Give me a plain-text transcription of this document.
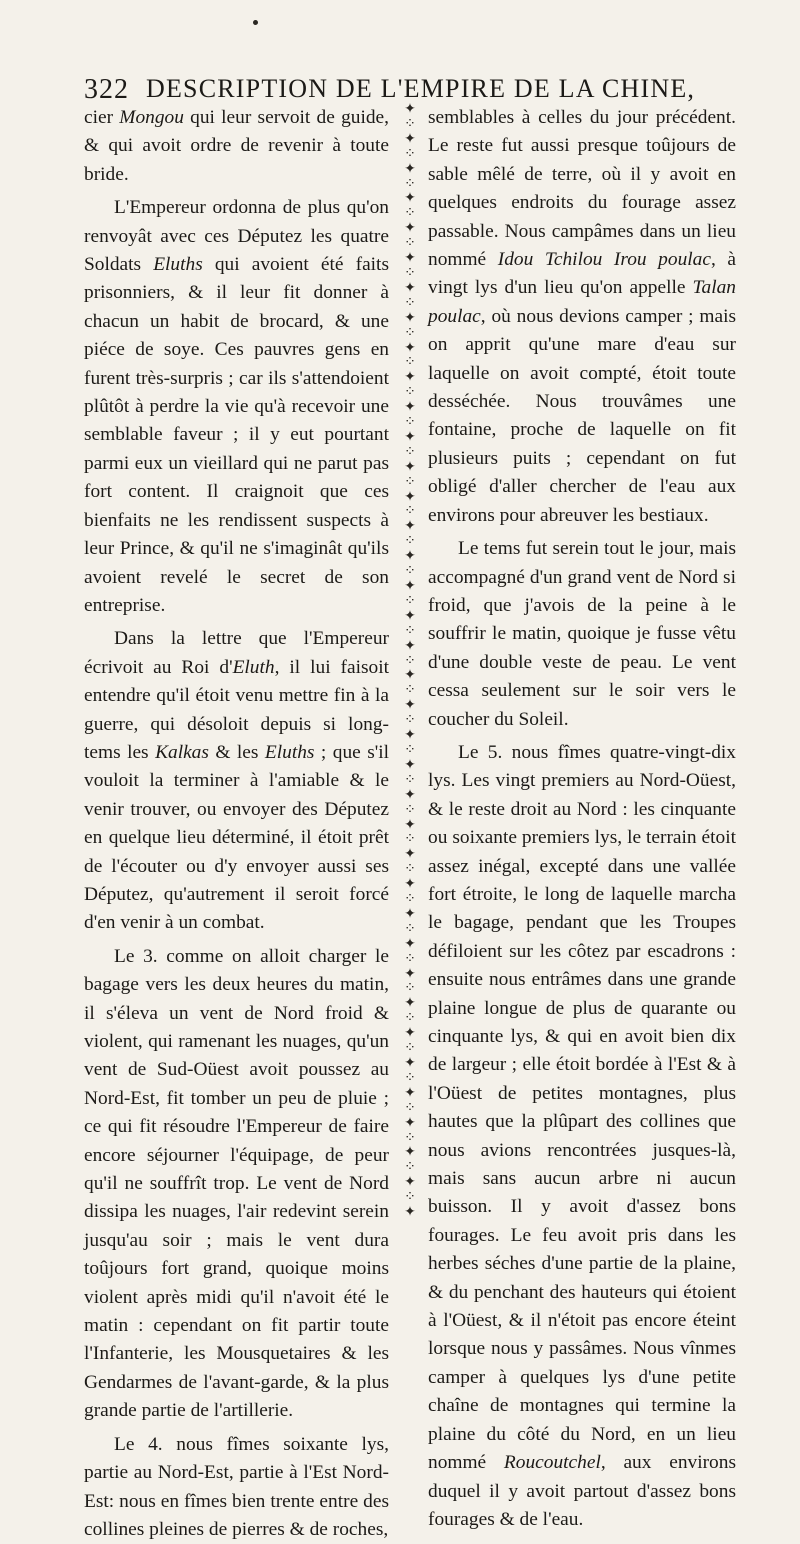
322 DESCRIPTION DE L'EMPIRE DE LA CHINE,

cier Mongou qui leur servoit de guide, & qui avoit ordre de revenir à toute bride.

L'Empereur ordonna de plus qu'on renvoyât avec ces Députez les quatre Soldats Eluths qui avoient été faits prisonniers, & il leur fit donner à chacun un habit de brocard, & une piéce de soye. Ces pauvres gens en furent très-surpris ; car ils s'attendoient plûtôt à perdre la vie qu'à recevoir une semblable faveur ; il y eut pourtant parmi eux un vieillard qui ne parut pas fort content. Il craignoit que ces bienfaits ne les rendissent suspects à leur Prince, & qu'il ne s'imaginât qu'ils avoient revelé le secret de son entreprise.

Dans la lettre que l'Empereur écrivoit au Roi d'Eluth, il lui faisoit entendre qu'il étoit venu mettre fin à la guerre, qui désoloit depuis si long-tems les Kalkas & les Eluths ; que s'il vouloit la terminer à l'amiable & le venir trouver, ou envoyer des Députez en quelque lieu déterminé, il étoit prêt de l'écouter ou d'y envoyer aussi ses Députez, qu'autrement il seroit forcé d'en venir à un combat.

Le 3. comme on alloit charger le bagage vers les deux heures du matin, il s'éleva un vent de Nord froid & violent, qui ramenant les nuages, qu'un vent de Sud-Oüest avoit poussez au Nord-Est, fit tomber un peu de pluie ; ce qui fit résoudre l'Empereur de faire encore séjourner l'équipage, de peur qu'il ne souffrît trop. Le vent de Nord dissipa les nuages, l'air redevint serein jusqu'au soir ; mais le vent dura toûjours fort grand, quoique moins violent après midi qu'il n'avoit été le matin : cependant on fit partir toute l'Infanterie, les Mousquetaires & les Gendarmes de l'avant-garde, & la plus grande partie de l'artillerie.

Le 4. nous fîmes soixante lys, partie au Nord-Est, partie à l'Est Nord-Est: nous en fîmes bien trente entre des collines pleines de pierres & de roches,

✦
⁘
✦
⁘
✦
⁘
✦
⁘
✦
⁘
✦
⁘
✦
⁘
✦
⁘
✦
⁘
✦
⁘
✦
⁘
✦
⁘
✦
⁘
✦
⁘
✦
⁘
✦
⁘
✦
⁘
✦
⁘
✦
⁘
✦
⁘
✦
⁘
✦
⁘
✦
⁘
✦
⁘
✦
⁘
✦
⁘
✦
⁘
✦
⁘
✦
⁘
✦
⁘
✦
⁘
✦
⁘
✦
⁘
✦
⁘
✦
⁘
✦
⁘
✦
⁘
✦

semblables à celles du jour précédent. Le reste fut aussi presque toûjours de sable mêlé de terre, où il y avoit en quelques endroits du fourage assez passable. Nous campâmes dans un lieu nommé Idou Tchilou Irou poulac, à vingt lys d'un lieu qu'on appelle Talan poulac, où nous devions camper ; mais on apprit qu'une mare d'eau sur laquelle on avoit compté, étoit toute desséchée. Nous trouvâmes une fontaine, proche de laquelle on fit plusieurs puits ; cependant on fut obligé d'aller chercher de l'eau aux environs pour abreuver les bestiaux.

Le tems fut serein tout le jour, mais accompagné d'un grand vent de Nord si froid, que j'avois de la peine à le souffrir le matin, quoique je fusse vêtu d'une double veste de peau. Le vent cessa seulement sur le soir vers le coucher du Soleil.

Le 5. nous fîmes quatre-vingt-dix lys. Les vingt premiers au Nord-Oüest, & le reste droit au Nord : les cinquante ou soixante premiers lys, le terrain étoit assez inégal, excepté dans une vallée fort étroite, le long de laquelle marcha le bagage, pendant que les Troupes défiloient sur les côtez par escadrons : ensuite nous entrâmes dans une grande plaine longue de plus de quarante ou cinquante lys, & qui en avoit bien dix de largeur ; elle étoit bordée à l'Est & à l'Oüest de petites montagnes, plus hautes que la plûpart des collines que nous avions rencontrées jusques-là, mais sans aucun arbre ni aucun buisson. Il y avoit d'assez bons fourages. Le feu avoit pris dans les herbes séches d'une partie de la plaine, & du penchant des hauteurs qui étoient à l'Oüest, & il n'étoit pas encore éteint lorsque nous y passâmes. Nous vînmes camper à quelques lys d'une petite chaîne de montagnes qui termine la plaine du côté du Nord, en un lieu nommé Roucoutchel, aux environs duquel il y avoit partout d'assez bons fourages & de l'eau.
